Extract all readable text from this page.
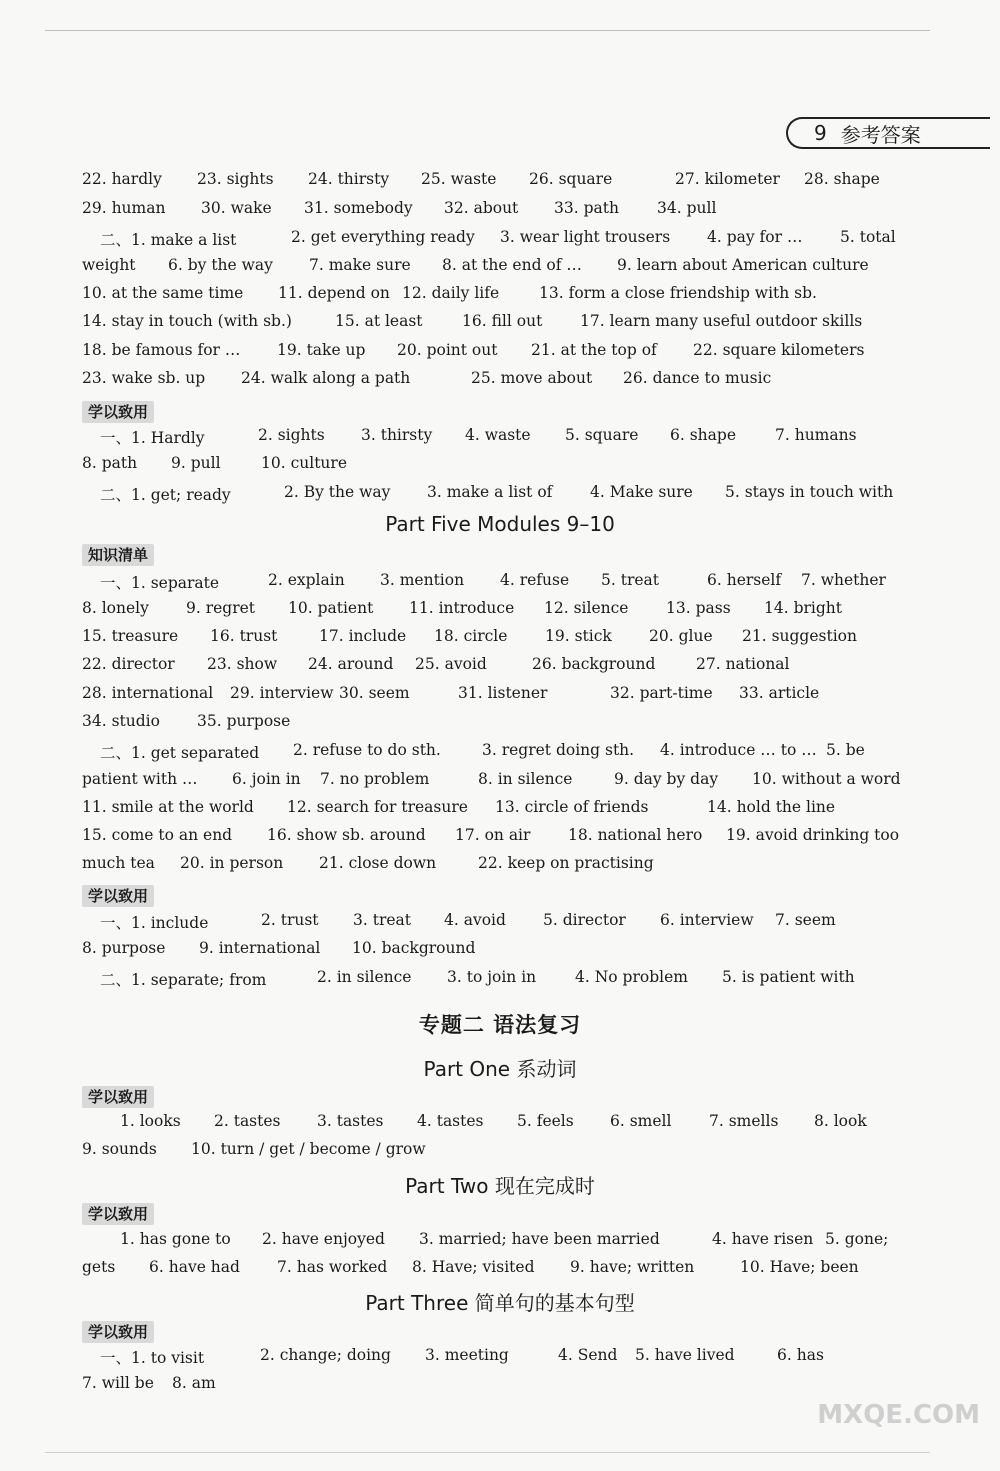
9 参考答案
22. hardly 23. sights 24. thirsty 25. waste 26. square	27. kilometer 28. shape
29. human 30. wake 31. somebody 32. about 33. path 34. pull
二、1. make a list	2. get everything ready 3. wear light trousers 4. pay for … 5. total
weight 6. by the way 7. make sure 8. at the end of … 9. learn about American culture
10. at the same time 11. depend on 12. daily life	13. form a close friendship with sb.
14. stay in touch (with sb.)	15. at least	16. fill out 17. learn many useful outdoor skills
18. be famous for … 19. take up 20. point out 21. at the top of 22. square kilometers
23. wake sb. up 24. walk along a path	25. move about 26. dance to music
一、1. Hardly	2. sights 3. thirsty 4. waste 5. square 6. shape	7. humans
8. path 9. pull	10. culture
二、1. get; ready	2. By the way 3. make a list of 4. Make sure 5. stays in touch with
一、1. separate	2. explain 3. mention 4. refuse 5. treat	6. herself 7. whether
8. lonely 9. regret 10. patient 11. introduce 12. silence 13. pass 14. bright
15. treasure 16. trust	17. include 18. circle 19. stick 20. glue 21. suggestion
22. director 23. show 24. around 25. avoid	26. background	27. national
28. international 29. interview 30. seem	31. listener	32. part-time 33. article
34. studio 35. purpose
二、1. get separated 2. refuse to do sth.	3. regret doing sth. 4. introduce … to … 5. be
patient with … 6. join in 7. no problem	8. in silence	9. day by day 10. without a word
11. smile at the world 12. search for treasure 13. circle of friends	14. hold the line
15. come to an end 16. show sb. around 17. on air 18. national hero 19. avoid drinking too
much tea 20. in person 21. close down	22. keep on practising
一、1. include	2. trust 3. treat 4. avoid 5. director 6. interview 7. seem
8. purpose 9. international 10. background
二、1. separate; from	2. in silence 3. to join in	4. No problem 5. is patient with
1. looks 2. tastes 3. tastes 4. tastes 5. feels 6. smell 7. smells 8. look
9. sounds 10. turn / get / become / grow
1. has gone to 2. have enjoyed 3. married; have been married	4. have risen 5. gone;
gets 6. have had 7. has worked 8. Have; visited 9. have; written	10. Have; been
一、1. to visit	2. change; doing 3. meeting	4. Send 5. have lived	6. has
7. will be 8. am
学以致用
Part Five Modules 9–10
知识清单
学以致用
专题二 语法复习
Part One 系动词
学以致用
Part Two 现在完成时
学以致用
Part Three 简单句的基本句型
学以致用
MXQE.COM
